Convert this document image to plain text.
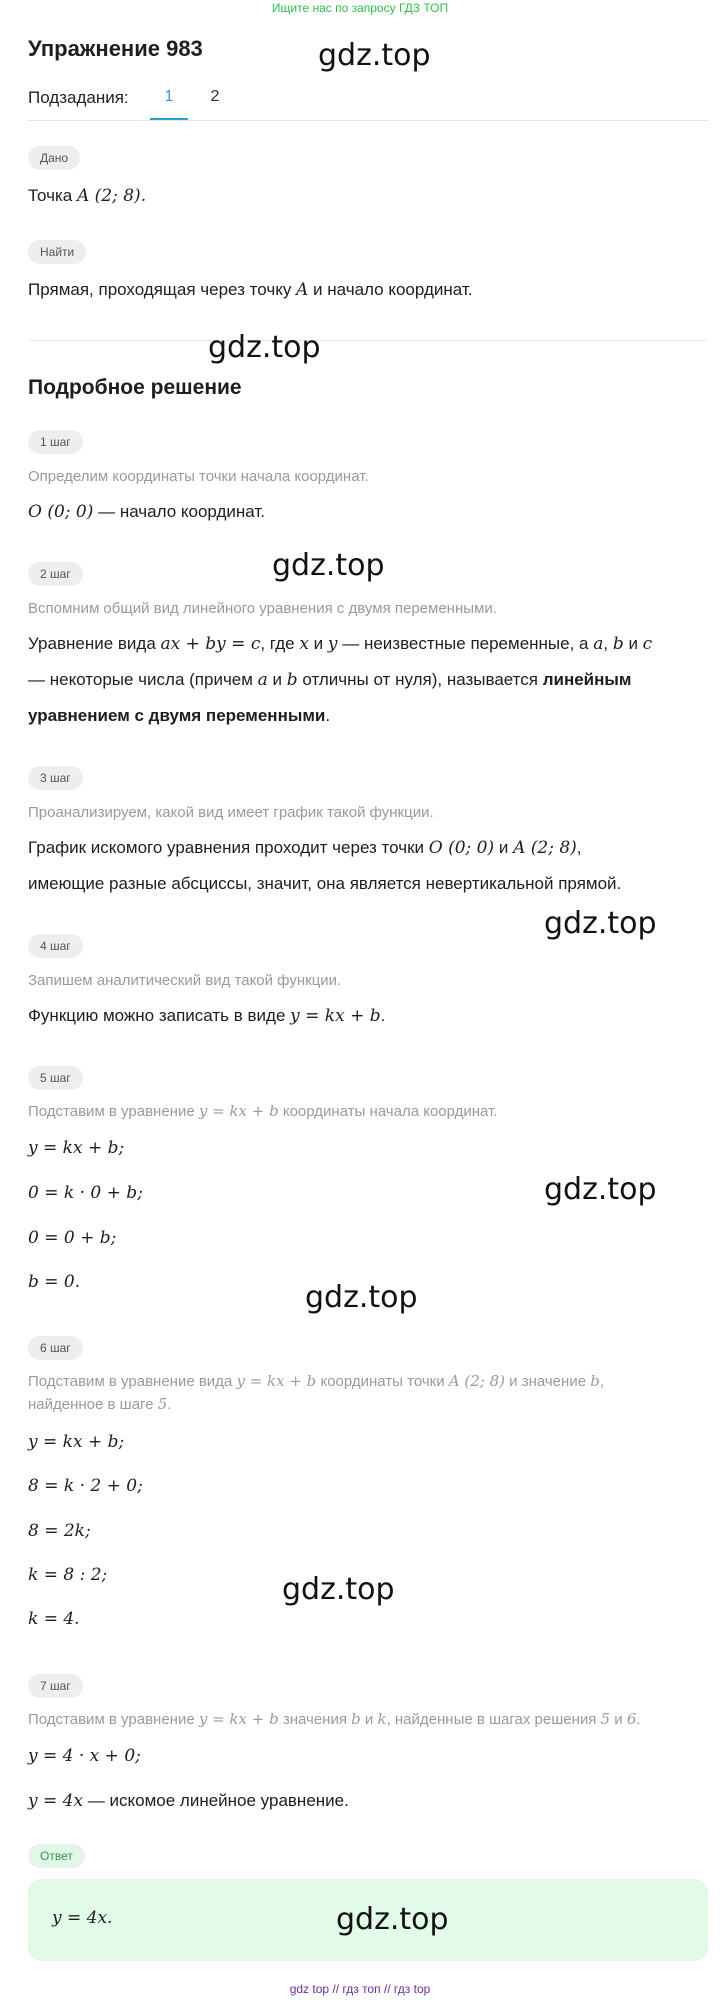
Ищите нас по запросу ГДЗ ТОП
Упражнение 983	gdz.top
Подзадания:	1	2
Дано
Точка A (2; 8).
Найти
Прямая, проходящая через точку A и начало координат.
gdz.top
Подробное решение
1 шаг
Определим координаты точки начала координат.
O (0; 0) — начало координат.
gdz.top
2 шаг
Вспомним общий вид линейного уравнения с двумя переменными.
Уравнение вида ax + by = c, где x и y — неизвестные переменные, а a, b и c
— некоторые числа (причем a и b отличны от нуля), называется линейным
уравнением с двумя переменными.
3 шаг
Проанализируем, какой вид имеет график такой функции.
График искомого уравнения проходит через точки O (0; 0) и A (2; 8),
имеющие разные абсциссы, значит, она является невертикальной прямой.
gdz.top
4 шаг
Запишем аналитический вид такой функции.
Функцию можно записать в виде y = kx + b.
5 шаг
Подставим в уравнение y = kx + b координаты начала координат.
y = kx + b;
0 = k · 0 + b;
0 = 0 + b;
b = 0.
gdz.top
gdz.top
6 шаг
Подставим в уравнение вида y = kx + b координаты точки A (2; 8) и значение b,
найденное в шаге 5.
y = kx + b;
8 = k · 2 + 0;
8 = 2k;
k = 8 : 2;
k = 4.
gdz.top
7 шаг
Подставим в уравнение y = kx + b значения b и k, найденные в шагах решения 5 и 6.
y = 4 · x + 0;
y = 4x — искомое линейное уравнение.
Ответ
y = 4x.	gdz.top
gdz top // гдз топ // гдз top
